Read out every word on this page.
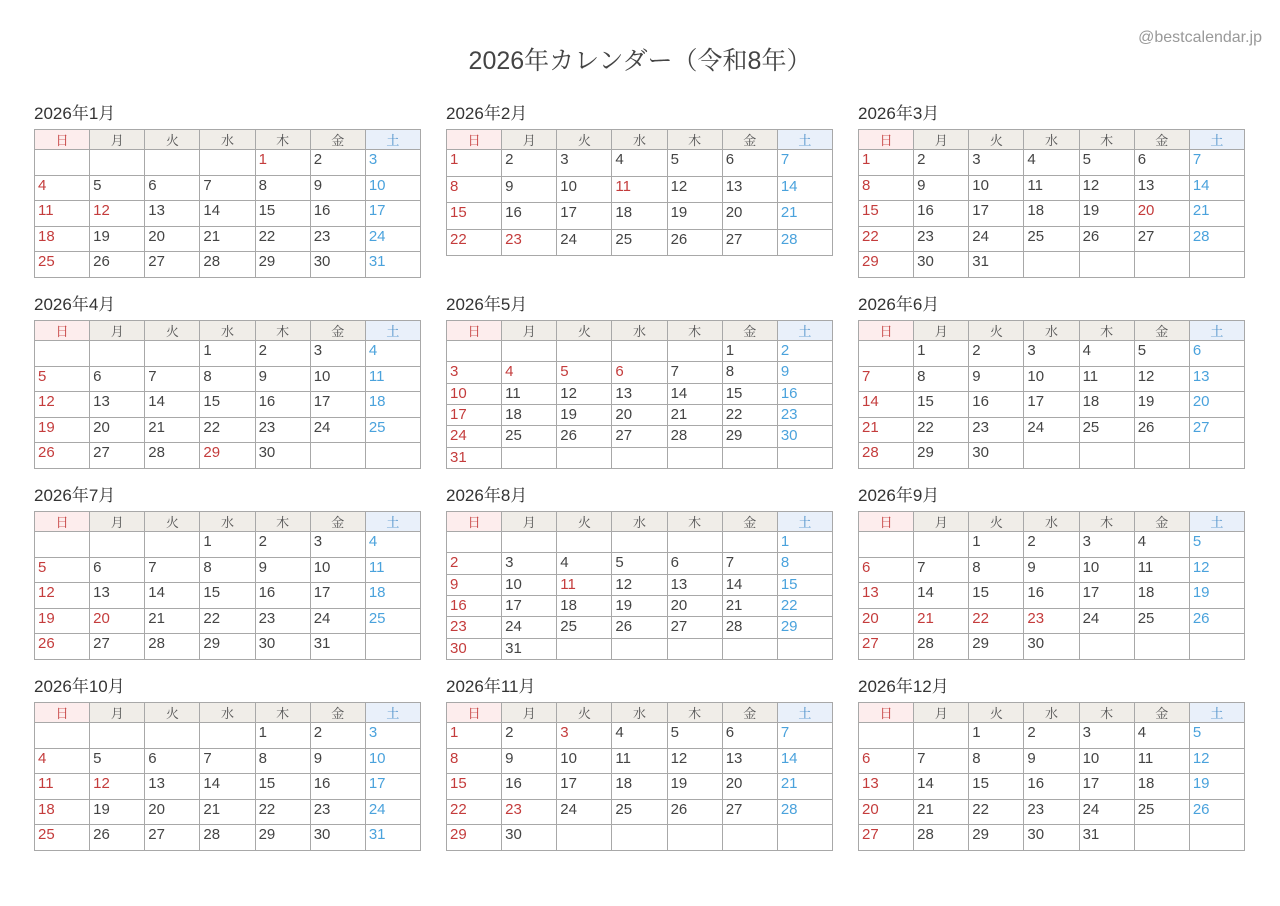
@bestcalendar.jp
2026年カレンダー（令和8年）
2026年1月
日	月	火	水	木	金	土
				1	2	3
4	5	6	7	8	9	10
11	12	13	14	15	16	17
18	19	20	21	22	23	24
25	26	27	28	29	30	31
2026年2月
日	月	火	水	木	金	土
1	2	3	4	5	6	7
8	9	10	11	12	13	14
15	16	17	18	19	20	21
22	23	24	25	26	27	28
2026年3月
日	月	火	水	木	金	土
1	2	3	4	5	6	7
8	9	10	11	12	13	14
15	16	17	18	19	20	21
22	23	24	25	26	27	28
29	30	31				
2026年4月
日	月	火	水	木	金	土
			1	2	3	4
5	6	7	8	9	10	11
12	13	14	15	16	17	18
19	20	21	22	23	24	25
26	27	28	29	30		
2026年5月
日	月	火	水	木	金	土
					1	2
3	4	5	6	7	8	9
10	11	12	13	14	15	16
17	18	19	20	21	22	23
24	25	26	27	28	29	30
31						
2026年6月
日	月	火	水	木	金	土
	1	2	3	4	5	6
7	8	9	10	11	12	13
14	15	16	17	18	19	20
21	22	23	24	25	26	27
28	29	30				
2026年7月
日	月	火	水	木	金	土
			1	2	3	4
5	6	7	8	9	10	11
12	13	14	15	16	17	18
19	20	21	22	23	24	25
26	27	28	29	30	31	
2026年8月
日	月	火	水	木	金	土
						1
2	3	4	5	6	7	8
9	10	11	12	13	14	15
16	17	18	19	20	21	22
23	24	25	26	27	28	29
30	31					
2026年9月
日	月	火	水	木	金	土
		1	2	3	4	5
6	7	8	9	10	11	12
13	14	15	16	17	18	19
20	21	22	23	24	25	26
27	28	29	30			
2026年10月
日	月	火	水	木	金	土
				1	2	3
4	5	6	7	8	9	10
11	12	13	14	15	16	17
18	19	20	21	22	23	24
25	26	27	28	29	30	31
2026年11月
日	月	火	水	木	金	土
1	2	3	4	5	6	7
8	9	10	11	12	13	14
15	16	17	18	19	20	21
22	23	24	25	26	27	28
29	30					
2026年12月
日	月	火	水	木	金	土
		1	2	3	4	5
6	7	8	9	10	11	12
13	14	15	16	17	18	19
20	21	22	23	24	25	26
27	28	29	30	31		
